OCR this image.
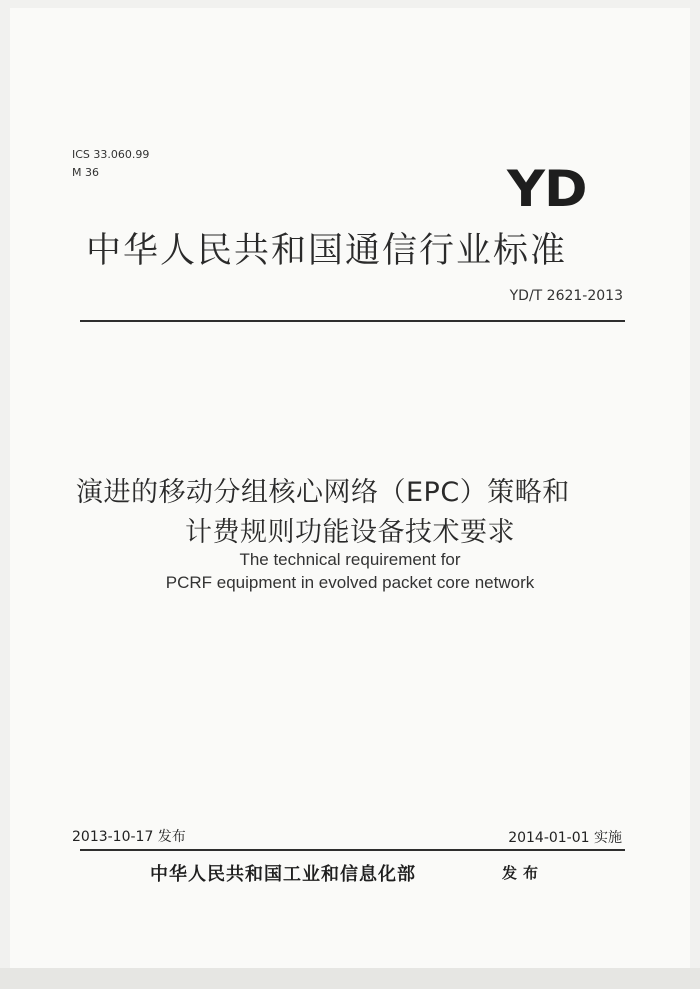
ICS 33.060.99
M 36	YD
中华人民共和国通信行业标准
YD/T 2621-2013
演进的移动分组核心网络（EPC）策略和
计费规则功能设备技术要求
The technical requirement for
PCRF equipment in evolved packet core network
2013-10-17 发布	2014-01-01 实施
中华人民共和国工业和信息化部	发布
